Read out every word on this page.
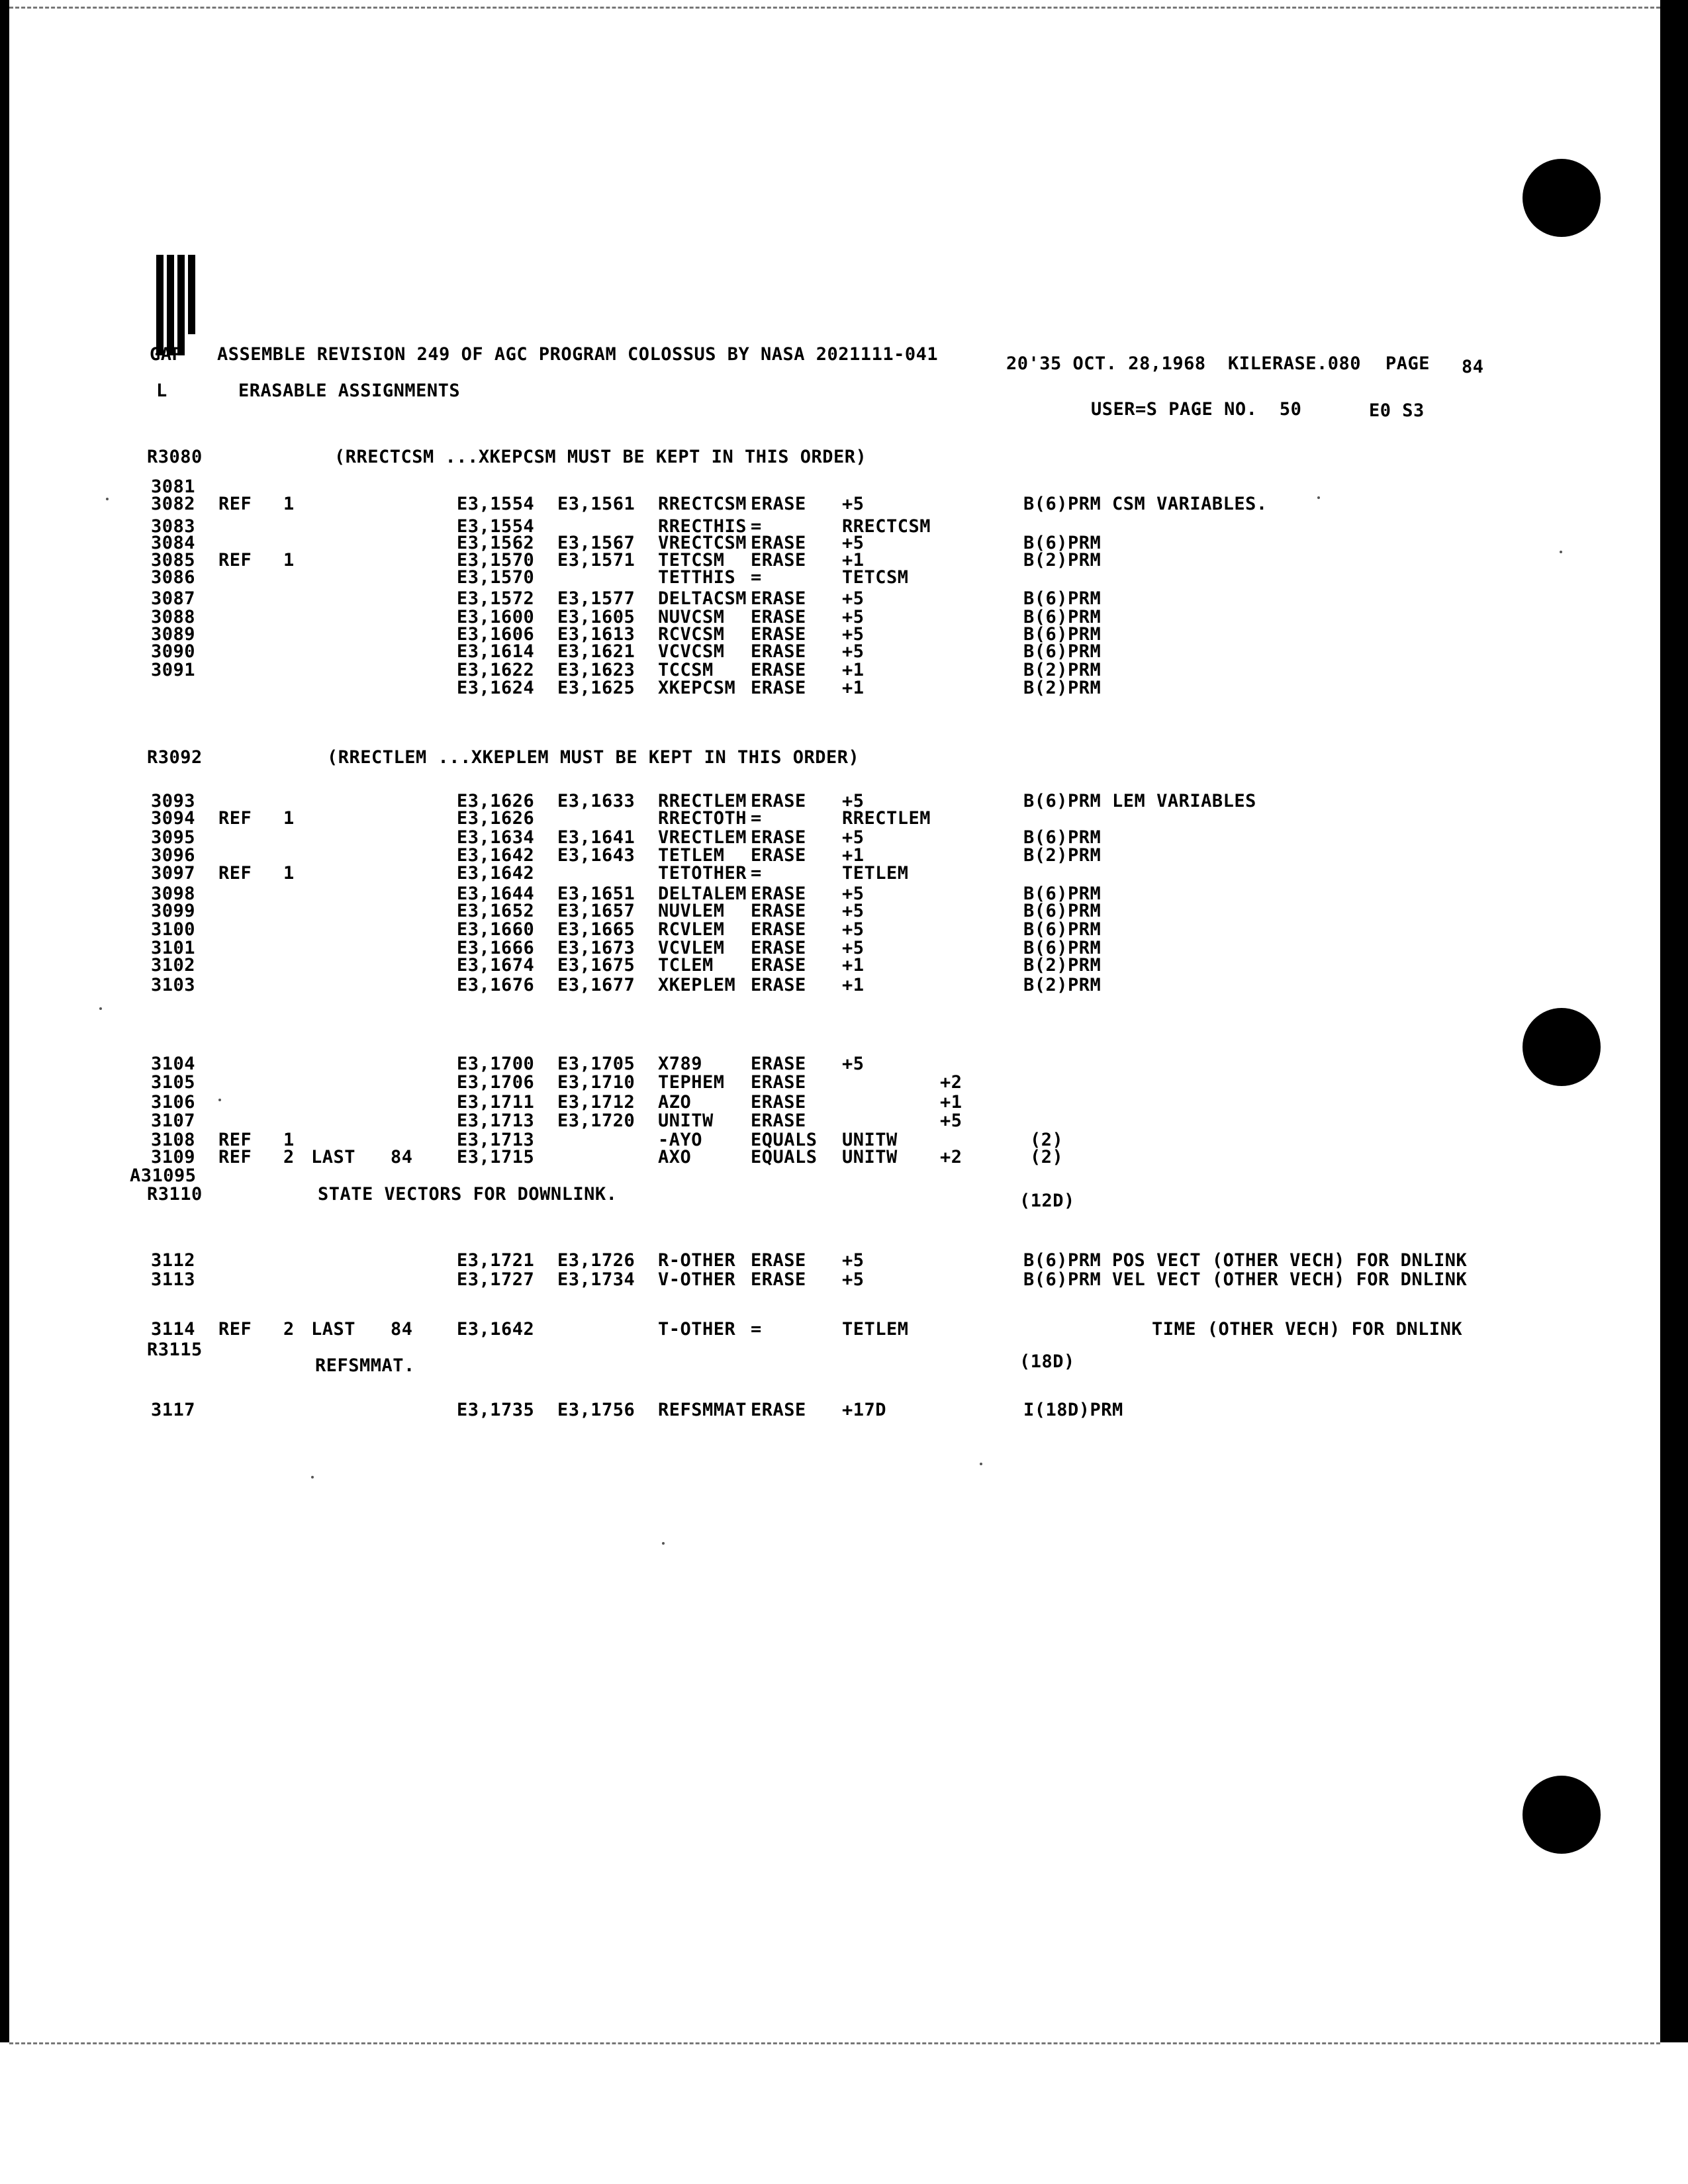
GAP ASSEMBLE REVISION 249 OF AGC PROGRAM COLOSSUS BY NASA 2021111-041	20'35 OCT. 28,1968 KILERASE.080 PAGE 84
L	ERASABLE ASSIGNMENTS
USER=S PAGE NO.  50	E0 S3
R3080	(RRECTCSM ...XKEPCSM MUST BE KEPT IN THIS ORDER)
3081
3082 REF 1	E3,1554 E3,1561 RRECTCSM ERASE +5	B(6)PRM CSM VARIABLES.
3083	E3,1554	RRECTHIS =	RRECTCSM
3084	E3,1562 E3,1567 VRECTCSM ERASE +5	B(6)PRM
3085 REF 1	E3,1570 E3,1571 TETCSM ERASE +1	B(2)PRM
3086	E3,1570	TETTHIS =	TETCSM
3087	E3,1572 E3,1577 DELTACSM ERASE +5	B(6)PRM
3088	E3,1600 E3,1605 NUVCSM ERASE +5	B(6)PRM
3089	E3,1606 E3,1613 RCVCSM ERASE +5	B(6)PRM
3090	E3,1614 E3,1621 VCVCSM ERASE +5	B(6)PRM
3091	E3,1622 E3,1623 TCCSM ERASE +1	B(2)PRM
E3,1624 E3,1625 XKEPCSM ERASE +1	B(2)PRM
R3092	(RRECTLEM ...XKEPLEM MUST BE KEPT IN THIS ORDER)
3093	E3,1626 E3,1633 RRECTLEM ERASE +5	B(6)PRM LEM VARIABLES
3094 REF 1	E3,1626	RRECTOTH =	RRECTLEM
3095	E3,1634 E3,1641 VRECTLEM ERASE +5	B(6)PRM
3096	E3,1642 E3,1643 TETLEM ERASE +1	B(2)PRM
3097 REF 1	E3,1642	TETOTHER =	TETLEM
3098	E3,1644 E3,1651 DELTALEM ERASE +5	B(6)PRM
3099	E3,1652 E3,1657 NUVLEM ERASE +5	B(6)PRM
3100	E3,1660 E3,1665 RCVLEM ERASE +5	B(6)PRM
3101	E3,1666 E3,1673 VCVLEM ERASE +5	B(6)PRM
3102	E3,1674 E3,1675 TCLEM ERASE +1	B(2)PRM
3103	E3,1676 E3,1677 XKEPLEM ERASE +1	B(2)PRM
3104	E3,1700 E3,1705 X789	ERASE +5
3105	E3,1706 E3,1710 TEPHEM ERASE	+2
3106	E3,1711 E3,1712 AZO	ERASE	+1
3107	E3,1713 E3,1720 UNITW ERASE	+5
3108 REF 1	E3,1713	-AYO	EQUALS UNITW	(2)
3109 REF 2 LAST 84 E3,1715	AXO	EQUALS UNITW +2	(2)
A31095
R3110	(12D)
STATE VECTORS FOR DOWNLINK.
3112	E3,1721 E3,1726 R-OTHER ERASE +5	B(6)PRM POS VECT (OTHER VECH) FOR DNLINK
3113	E3,1727 E3,1734 V-OTHER ERASE +5	B(6)PRM VEL VECT (OTHER VECH) FOR DNLINK
3114 REF 2 LAST 84 E3,1642	T-OTHER =	TETLEM	TIME (OTHER VECH) FOR DNLINK
R3115
(18D)
REFSMMAT.
3117	E3,1735 E3,1756 REFSMMAT ERASE +17D	I(18D)PRM
